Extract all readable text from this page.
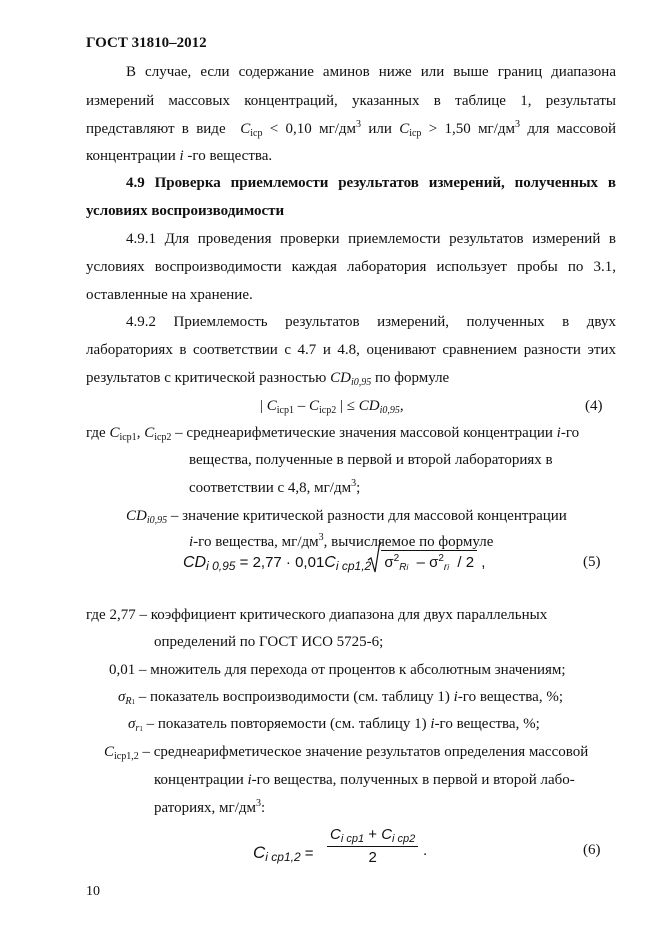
ГОСТ 31810–2012
В случае, если содержание аминов ниже или выше границ диапазона
измерений массовых концентраций, указанных в таблице 1, результаты
представляют в виде $C_{iср} < 0,10$ $мг/дм^3$ или $C_{iср} > 1,50$ $мг/дм^3$ для массовой
концентрации i -го вещества.
4.9 Проверка приемлемости результатов измерений, полученных в
условиях воспроизводимости
4.9.1 Для проведения проверки приемлемости результатов измерений в
условиях воспроизводимости каждая лаборатория использует пробы по 3.1,
оставленные на хранение.
4.9.2 Приемлемость результатов измерений, полученных в двух
лабораториях в соответствии с 4.7 и 4.8, оценивают сравнением разности этих
результатов с критической разностью $CD_{i0,95}$ по формуле
| $C_{iср1} - C_{iср2}$ | ≤ $CD_{i0,95}$,	(4)
где $C_{iср1}$, $C_{iср2}$ – среднеарифметические значения массовой концентрации i-го
вещества, полученные в первой и второй лабораториях в
соответствии с 4,8, $мг/дм^3$;
$CD_{i0,95}$ – значение критической разности для массовой концентрации
i-го вещества, $мг/дм^3$, вычисляемое по формуле
$CD_{i 0,95} = 2,77 \cdot 0,01C_{i ср1,2}$ $\sigma^2_{Ri} - \sigma^2_{ri} / 2$ ,	(5)
где 2,77 – коэффициент критического диапазона для двух параллельных
определений по ГОСТ ИСО 5725-6;
0,01 – множитель для перехода от процентов к абсолютным значениям;
$\sigma_{R1}$ – показатель воспроизводимости (см. таблицу 1) i-го вещества, %;
$\sigma_{r1}$ – показатель повторяемости (см. таблицу 1) i-го вещества, %;
$C_{iср1,2}$ – среднеарифметическое значение результатов определения массовой
концентрации i-го вещества, полученных в первой и второй лабо-
раториях, $мг/дм^3$:
$C_{i ср1,2}$ =
$C_{i ср1} + C_{i ср2}$
2	.	(6)
10
